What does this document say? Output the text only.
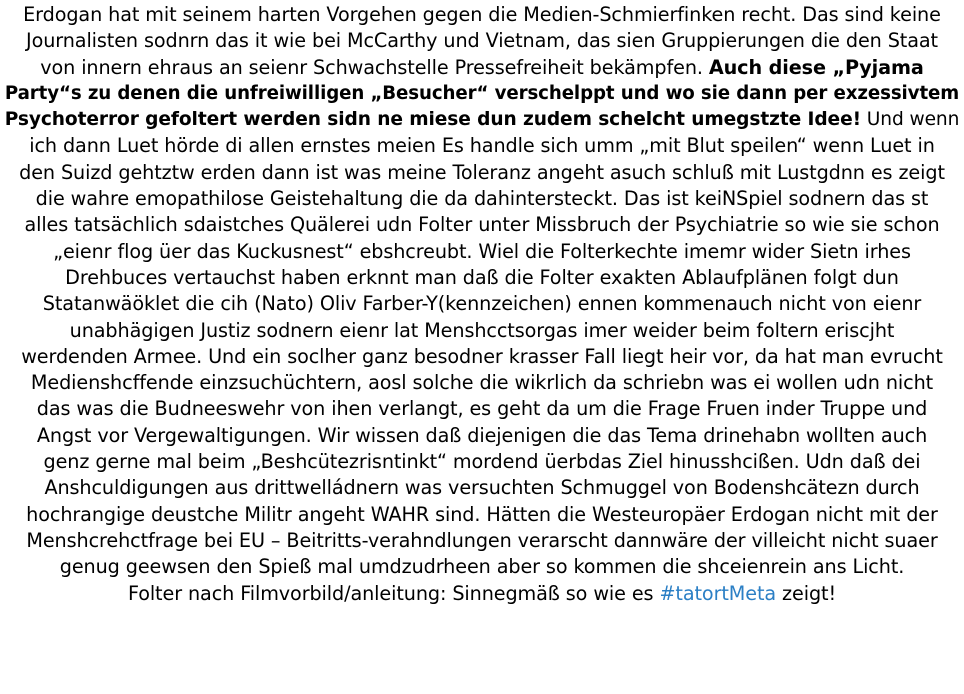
Erdogan hat mit seinem harten Vorgehen gegen die Medien-Schmierfinken recht. Das sind keine
Journalisten sodnrn das it wie bei McCarthy und Vietnam, das sien Gruppierungen die den Staat
von innern ehraus an seienr Schwachstelle Pressefreiheit bekämpfen. Auch diese „Pyjama
Party“s zu denen die unfreiwilligen „Besucher“ verschelppt und wo sie dann per exzessivtem
Psychoterror gefoltert werden sidn ne miese dun zudem schelcht umegstzte Idee! Und wenn
ich dann Luet hörde di allen ernstes meien Es handle sich umm „mit Blut speilen“ wenn Luet in
den Suizd gehtztw erden dann ist was meine Toleranz angeht asuch schluß mit Lustgdnn es zeigt
die wahre emopathilose Geistehaltung die da dahintersteckt. Das ist keiNSpiel sodnern das st
alles tatsächlich sdaistches Quälerei udn Folter unter Missbruch der Psychiatrie so wie sie schon
„eienr flog üer das Kuckusnest“ ebshcreubt. Wiel die Folterkechte imemr wider Sietn irhes
Drehbuces vertauchst haben erknnt man daß die Folter exakten Ablaufplänen folgt dun
Statanwäöklet die cih (Nato) Oliv Farber-Y(kennzeichen) ennen kommenauch nicht von eienr
unabhägigen Justiz sodnern eienr lat Menshcctsorgas imer weider beim foltern eriscjht
werdenden Armee. Und ein soclher ganz besodner krasser Fall liegt heir vor, da hat man evrucht
Medienshcffende einzsuchüchtern, aosl solche die wikrlich da schriebn was ei wollen udn nicht
das was die Budneeswehr von ihen verlangt, es geht da um die Frage Fruen inder Truppe und
Angst vor Vergewaltigungen. Wir wissen daß diejenigen die das Tema drinehabn wollten auch
genz gerne mal beim „Beshcütezrisntinkt“ mordend üerbdas Ziel hinusshcißen. Udn daß dei
Anshculdigungen aus drittwelládnern was versuchten Schmuggel von Bodenshcätezn durch
hochrangige deustche Militr angeht WAHR sind. Hätten die Westeuropäer Erdogan nicht mit der
Menshcrehctfrage bei EU – Beitritts-verahndlungen verarscht dannwäre der villeicht nicht suaer
genug geewsen den Spieß mal umdzudrheen aber so kommen die shceienrein ans Licht.
Folter nach Filmvorbild/anleitung: Sinnegmäß so wie es #tatortMeta zeigt!
